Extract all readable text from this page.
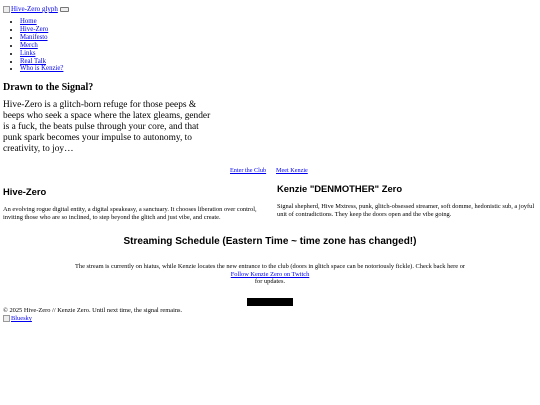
Hive-Zero glyph
• Home
• Hive-Zero
• Manifesto
• Merch
• Links
• Real Talk
• Who is Kenzie?
Drawn to the Signal?

Hive-Zero is a glitch-born refuge for those peeps & beeps who seek a space where the latex gleams, gender is a fuck, the beats pulse through your core, and that punk spark becomes your impulse to autonomy, to creativity, to joy…

Enter the Club Meet Kenzie
Hive-Zero

An evolving rogue digital entity, a digital speakeasy, a sanctuary. It chooses liberation over control, inviting those who are so inclined, to step beyond the glitch and just vibe, and create.

Kenzie "DENMOTHER" Zero

Signal shepherd, Hive Mxtress, punk, glitch-obsessed streamer, soft domme, hedonistic sub, a joyful unit of contradictions. They keep the doors open and the vibe going.

Streaming Schedule (Eastern Time ~ time zone has changed!)

The stream is currently on hiatus, while Kenzie locates the new entrance to the club (doors in glitch space can be notoriously fickle). Check back here or
Follow Kenzie Zero on Twitch
for updates.

© 2025 Hive-Zero // Kenzie Zero. Until next time, the signal remains.

Bluesky
